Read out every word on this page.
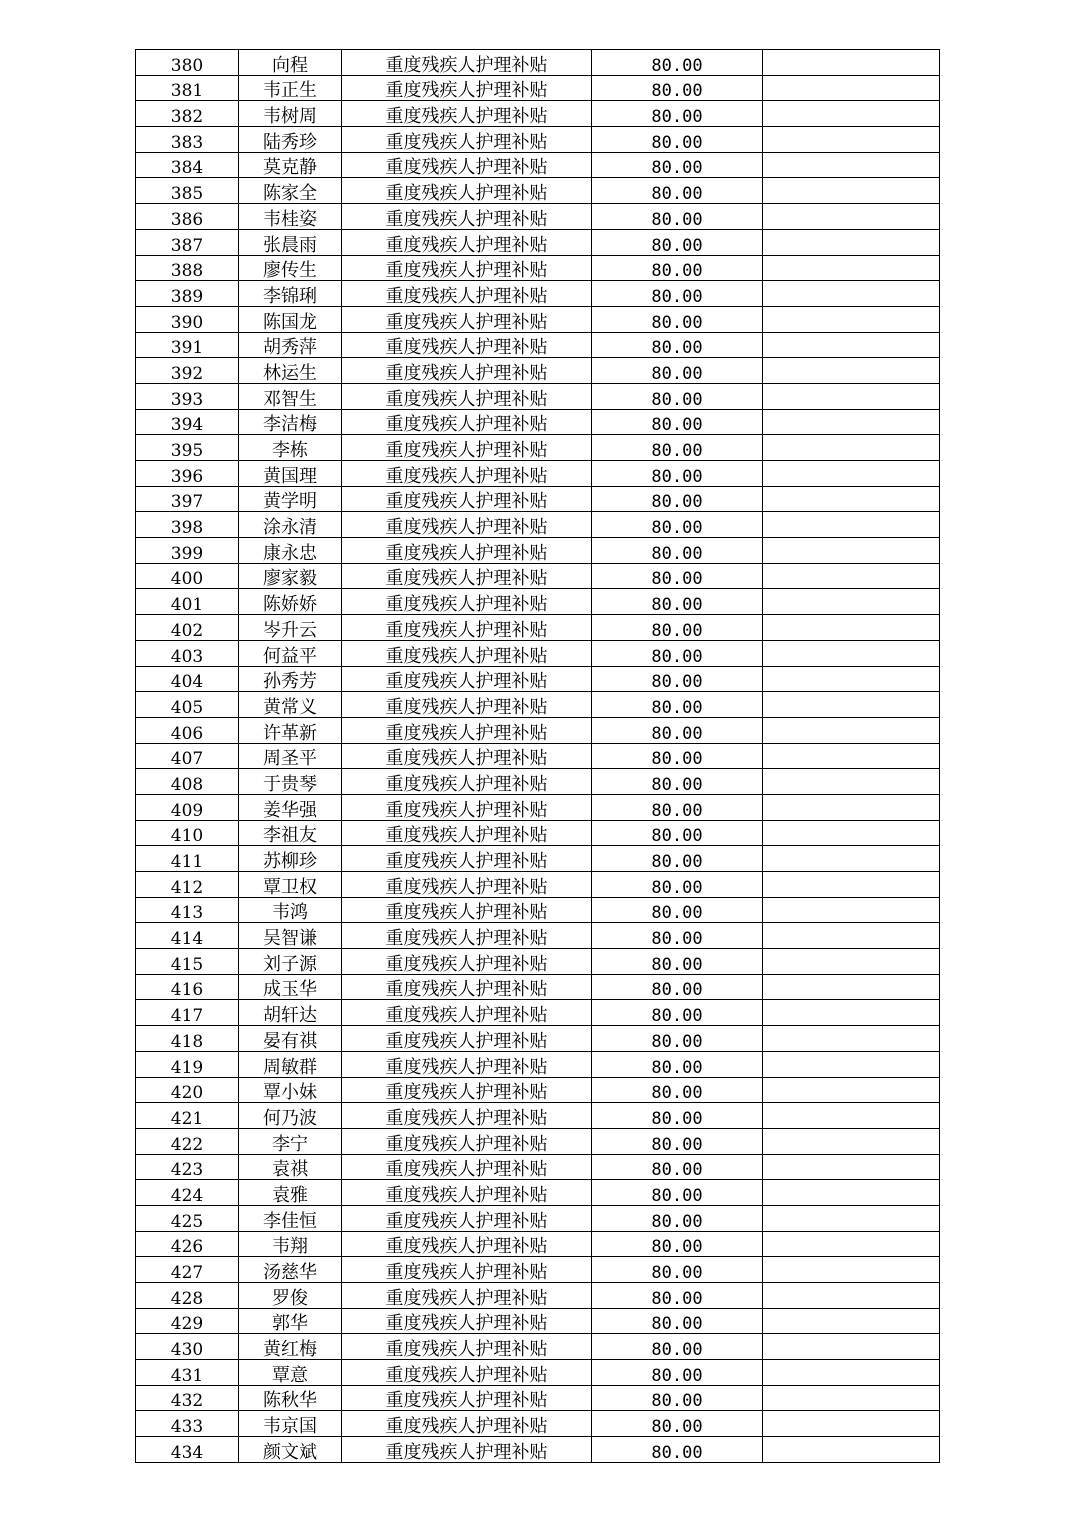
380	向程	重度残疾人护理补贴	80.00	
381	韦正生	重度残疾人护理补贴	80.00	
382	韦树周	重度残疾人护理补贴	80.00	
383	陆秀珍	重度残疾人护理补贴	80.00	
384	莫克静	重度残疾人护理补贴	80.00	
385	陈家全	重度残疾人护理补贴	80.00	
386	韦桂姿	重度残疾人护理补贴	80.00	
387	张晨雨	重度残疾人护理补贴	80.00	
388	廖传生	重度残疾人护理补贴	80.00	
389	李锦琍	重度残疾人护理补贴	80.00	
390	陈国龙	重度残疾人护理补贴	80.00	
391	胡秀萍	重度残疾人护理补贴	80.00	
392	林运生	重度残疾人护理补贴	80.00	
393	邓智生	重度残疾人护理补贴	80.00	
394	李洁梅	重度残疾人护理补贴	80.00	
395	李栋	重度残疾人护理补贴	80.00	
396	黄国理	重度残疾人护理补贴	80.00	
397	黄学明	重度残疾人护理补贴	80.00	
398	涂永清	重度残疾人护理补贴	80.00	
399	康永忠	重度残疾人护理补贴	80.00	
400	廖家毅	重度残疾人护理补贴	80.00	
401	陈娇娇	重度残疾人护理补贴	80.00	
402	岑升云	重度残疾人护理补贴	80.00	
403	何益平	重度残疾人护理补贴	80.00	
404	孙秀芳	重度残疾人护理补贴	80.00	
405	黄常义	重度残疾人护理补贴	80.00	
406	许革新	重度残疾人护理补贴	80.00	
407	周圣平	重度残疾人护理补贴	80.00	
408	于贵琴	重度残疾人护理补贴	80.00	
409	姜华强	重度残疾人护理补贴	80.00	
410	李祖友	重度残疾人护理补贴	80.00	
411	苏柳珍	重度残疾人护理补贴	80.00	
412	覃卫权	重度残疾人护理补贴	80.00	
413	韦鸿	重度残疾人护理补贴	80.00	
414	吴智谦	重度残疾人护理补贴	80.00	
415	刘子源	重度残疾人护理补贴	80.00	
416	成玉华	重度残疾人护理补贴	80.00	
417	胡轩达	重度残疾人护理补贴	80.00	
418	晏有祺	重度残疾人护理补贴	80.00	
419	周敏群	重度残疾人护理补贴	80.00	
420	覃小妹	重度残疾人护理补贴	80.00	
421	何乃波	重度残疾人护理补贴	80.00	
422	李宁	重度残疾人护理补贴	80.00	
423	袁祺	重度残疾人护理补贴	80.00	
424	袁雅	重度残疾人护理补贴	80.00	
425	李佳恒	重度残疾人护理补贴	80.00	
426	韦翔	重度残疾人护理补贴	80.00	
427	汤慈华	重度残疾人护理补贴	80.00	
428	罗俊	重度残疾人护理补贴	80.00	
429	郭华	重度残疾人护理补贴	80.00	
430	黄红梅	重度残疾人护理补贴	80.00	
431	覃意	重度残疾人护理补贴	80.00	
432	陈秋华	重度残疾人护理补贴	80.00	
433	韦京国	重度残疾人护理补贴	80.00	
434	颜文斌	重度残疾人护理补贴	80.00	
